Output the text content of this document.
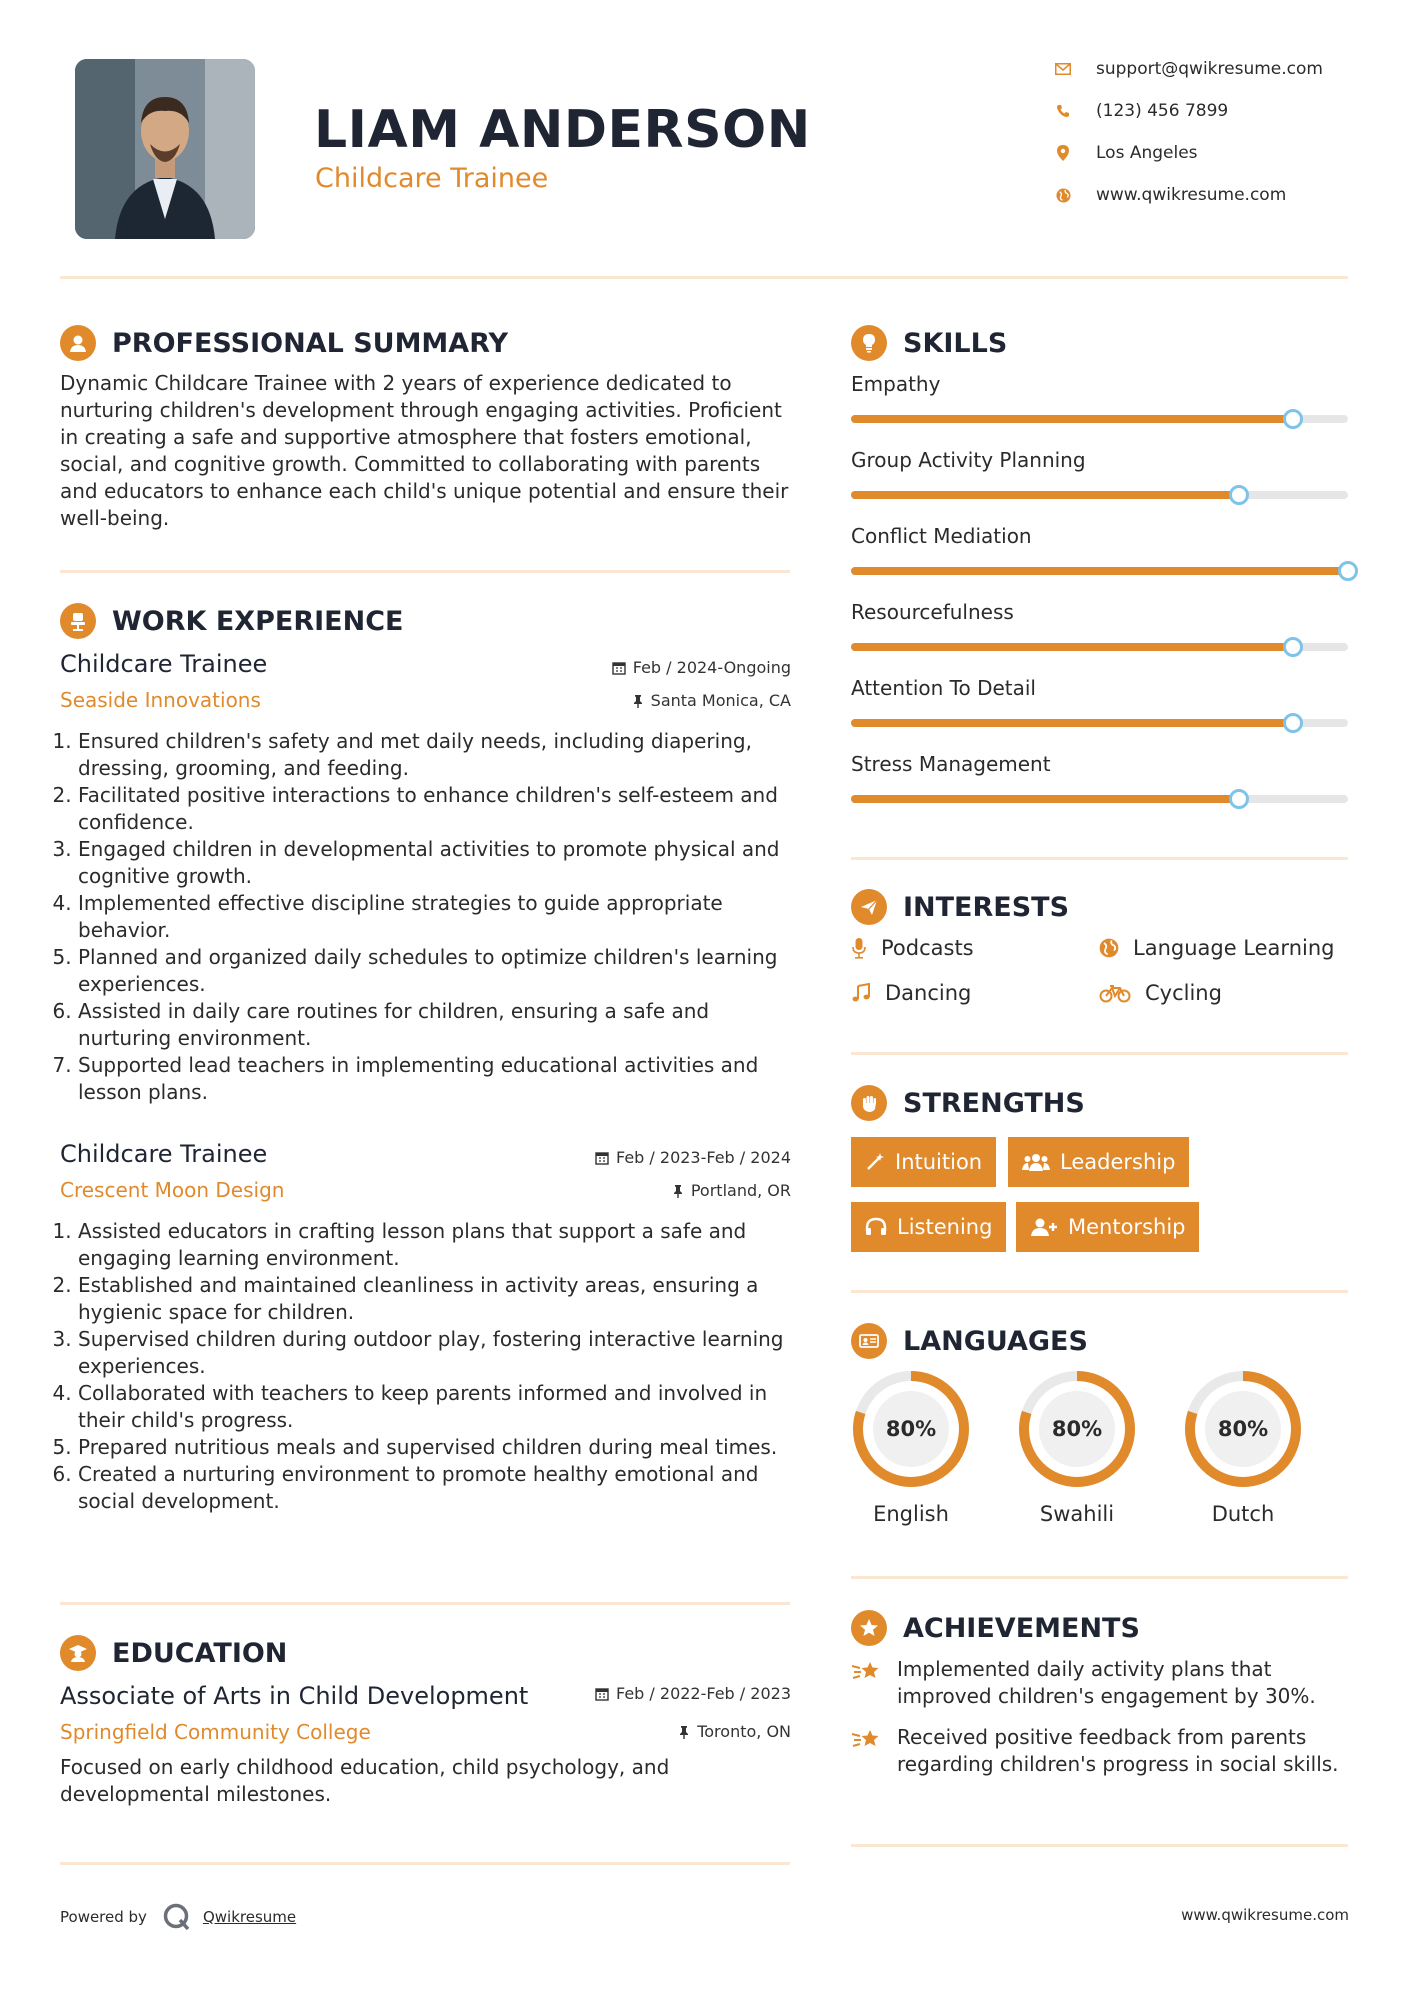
LIAM ANDERSON
Childcare Trainee
support@qwikresume.com
(123) 456 7899
Los Angeles
www.qwikresume.com
PROFESSIONAL SUMMARY
Dynamic Childcare Trainee with 2 years of experience dedicated to nurturing children's development through engaging activities. Proficient in creating a safe and supportive atmosphere that fosters emotional, social, and cognitive growth. Committed to collaborating with parents and educators to enhance each child's unique potential and ensure their well-being.
WORK EXPERIENCE
Childcare Trainee	Feb / 2024-Ongoing
Seaside Innovations	Santa Monica, CA
1. Ensured children's safety and met daily needs, including diapering, dressing, grooming, and feeding.
2. Facilitated positive interactions to enhance children's self-esteem and confidence.
3. Engaged children in developmental activities to promote physical and cognitive growth.
4. Implemented effective discipline strategies to guide appropriate behavior.
5. Planned and organized daily schedules to optimize children's learning experiences.
6. Assisted in daily care routines for children, ensuring a safe and nurturing environment.
7. Supported lead teachers in implementing educational activities and lesson plans.
Childcare Trainee	Feb / 2023-Feb / 2024
Crescent Moon Design	Portland, OR
1. Assisted educators in crafting lesson plans that support a safe and engaging learning environment.
2. Established and maintained cleanliness in activity areas, ensuring a hygienic space for children.
3. Supervised children during outdoor play, fostering interactive learning experiences.
4. Collaborated with teachers to keep parents informed and involved in their child's progress.
5. Prepared nutritious meals and supervised children during meal times.
6. Created a nurturing environment to promote healthy emotional and social development.
EDUCATION
Associate of Arts in Child Development	Feb / 2022-Feb / 2023
Springfield Community College	Toronto, ON
Focused on early childhood education, child psychology, and developmental milestones.
SKILLS
Empathy
Group Activity Planning
Conflict Mediation
Resourcefulness
Attention To Detail
Stress Management
INTERESTS
Podcasts	Language Learning
Dancing	Cycling
STRENGTHS
Intuition	Leadership
Listening	Mentorship
LANGUAGES
80%
English
80%
Swahili
80%
Dutch
ACHIEVEMENTS
Implemented daily activity plans that improved children's engagement by 30%.
Received positive feedback from parents regarding children's progress in social skills.
Powered by	Qwikresume	www.qwikresume.com
